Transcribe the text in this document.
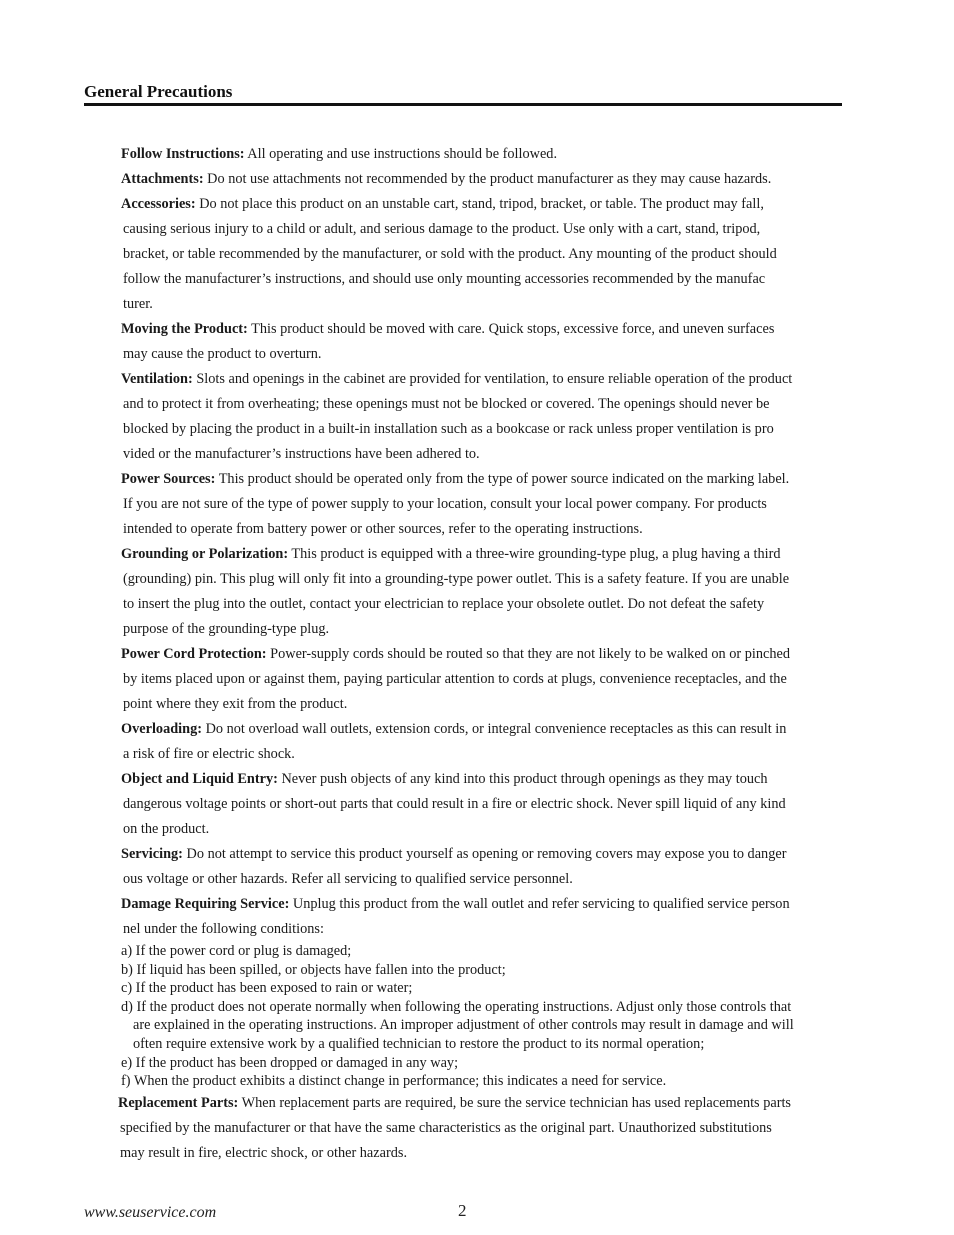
General Precautions
Follow Instructions: All operating and use instructions should be followed.
Attachments: Do not use attachments not recommended by the product manufacturer as they may cause hazards.
Accessories: Do not place this product on an unstable cart, stand, tripod, bracket, or table. The product may fall,
causing serious injury to a child or adult, and serious damage to the product. Use only with a cart, stand, tripod,
bracket, or table recommended by the manufacturer, or sold with the product. Any mounting of the product should
follow the manufacturer’s instructions, and should use only mounting accessories recommended by the manufac
turer.
Moving the Product: This product should be moved with care. Quick stops, excessive force, and uneven surfaces
may cause the product to overturn.
Ventilation: Slots and openings in the cabinet are provided for ventilation, to ensure reliable operation of the product
and to protect it from overheating; these openings must not be blocked or covered. The openings should never be
blocked by placing the product in a built-in installation such as a bookcase or rack unless proper ventilation is pro
vided or the manufacturer’s instructions have been adhered to.
Power Sources: This product should be operated only from the type of power source indicated on the marking label.
If you are not sure of the type of power supply to your location, consult your local power company. For products
intended to operate from battery power or other sources, refer to the operating instructions.
Grounding or Polarization: This product is equipped with a three-wire grounding-type plug, a plug having a third
(grounding) pin. This plug will only fit into a grounding-type power outlet. This is a safety feature. If you are unable
to insert the plug into the outlet, contact your electrician to replace your obsolete outlet. Do not defeat the safety
purpose of the grounding-type plug.
Power Cord Protection: Power-supply cords should be routed so that they are not likely to be walked on or pinched
by items placed upon or against them, paying particular attention to cords at plugs, convenience receptacles, and the
point where they exit from the product.
Overloading: Do not overload wall outlets, extension cords, or integral convenience receptacles as this can result in
a risk of fire or electric shock.
Object and Liquid Entry: Never push objects of any kind into this product through openings as they may touch
dangerous voltage points or short-out parts that could result in a fire or electric shock. Never spill liquid of any kind
on the product.
Servicing: Do not attempt to service this product yourself as opening or removing covers may expose you to danger
ous voltage or other hazards. Refer all servicing to qualified service personnel.
Damage Requiring Service: Unplug this product from the wall outlet and refer servicing to qualified service person
nel under the following conditions:
a) If the power cord or plug is damaged;
b) If liquid has been spilled, or objects have fallen into the product;
c) If the product has been exposed to rain or water;
d) If the product does not operate normally when following the operating instructions. Adjust only those controls that
are explained in the operating instructions. An improper adjustment of other controls may result in damage and will
often require extensive work by a qualified technician to restore the product to its normal operation;
e) If the product has been dropped or damaged in any way;
f) When the product exhibits a distinct change in performance; this indicates a need for service.
Replacement Parts: When replacement parts are required, be sure the service technician has used replacements parts
specified by the manufacturer or that have the same characteristics as the original part. Unauthorized substitutions
may result in fire, electric shock, or other hazards.
www.seuservice.com	2
